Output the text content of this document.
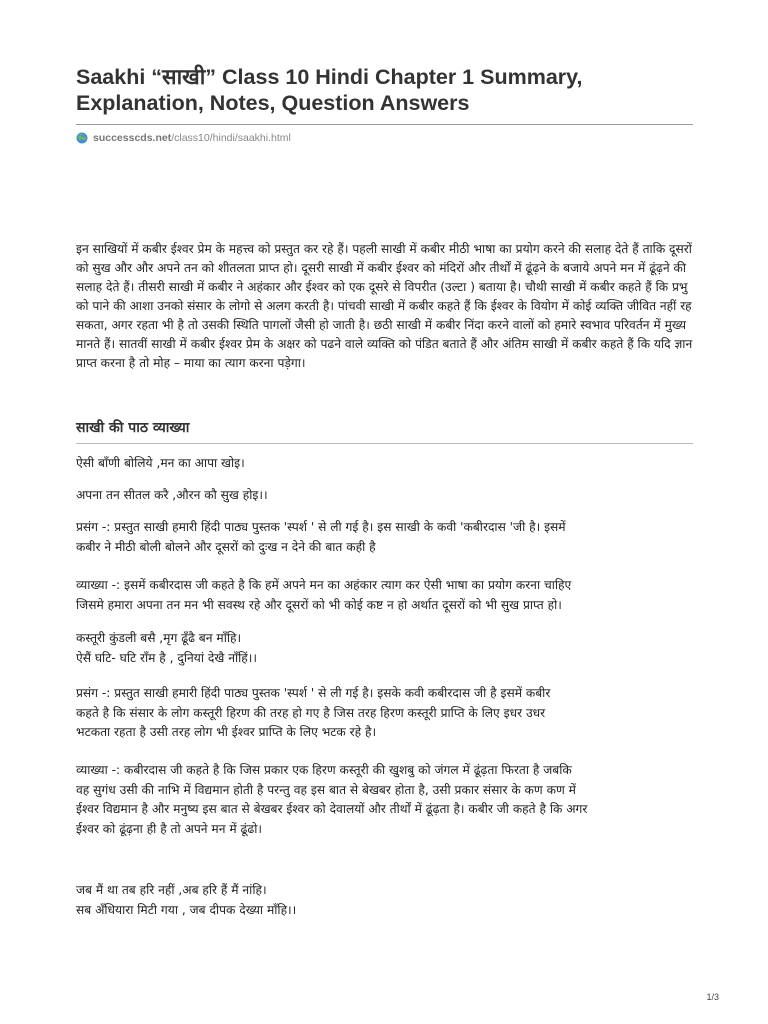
Saakhi “साखी” Class 10 Hindi Chapter 1 Summary, Explanation, Notes, Question Answers
successcds.net /class10/hindi/saakhi.html

इन साखियों में कबीर ईश्वर प्रेम के महत्त्व को प्रस्तुत कर रहे हैं। पहली साखी में कबीर मीठी भाषा का प्रयोग करने की सलाह देते हैं ताकि दूसरों को सुख और और अपने तन को शीतलता प्राप्त हो। दूसरी साखी में कबीर ईश्वर को मंदिरों और तीर्थों में ढूंढ़ने के बजाये अपने मन में ढूंढ़ने की सलाह देते हैं। तीसरी साखी में कबीर ने अहंकार और ईश्वर को एक दूसरे से विपरीत (उल्टा ) बताया है। चौथी साखी में कबीर कहते हैं कि प्रभु को पाने की आशा उनको संसार के लोगो से अलग करती है। पांचवी साखी में कबीर कहते हैं कि ईश्वर के वियोग में कोई व्यक्ति जीवित नहीं रह सकता, अगर रहता भी है तो उसकी स्थिति पागलों जैसी हो जाती है। छठी साखी में कबीर निंदा करने वालों को हमारे स्वभाव परिवर्तन में मुख्य मानते हैं। सातवीं साखी में कबीर ईश्वर प्रेम के अक्षर को पढने वाले व्यक्ति को पंडित बताते हैं और अंतिम साखी में कबीर कहते हैं कि यदि ज्ञान प्राप्त करना है तो मोह – माया का त्याग करना पड़ेगा।

साखी की पाठ व्याख्या

ऐसी बाँणी बोलिये ,मन का आपा खोइ।

अपना तन सीतल करै ,औरन कौ सुख होइ।।

प्रसंग -: प्रस्तुत साखी हमारी हिंदी पाठ्य पुस्तक 'स्पर्श ' से ली गई है। इस साखी के कवी 'कबीरदास 'जी है। इसमें
कबीर ने मीठी बोली बोलने और दूसरों को दुःख न देने की बात कही है

व्याख्या -: इसमें कबीरदास जी कहते है कि हमें अपने मन का अहंकार त्याग कर ऐसी भाषा का प्रयोग करना चाहिए
जिसमे हमारा अपना तन मन भी सवस्थ रहे और दूसरों को भी कोई कष्ट न हो अर्थात दूसरों को भी सुख प्राप्त हो।

कस्तूरी कुंडली बसै ,मृग ढूँढै बन माँहि।
ऐसैं घटि- घटि राँम है , दुनियां देखै नाँहिं।।

प्रसंग -: प्रस्तुत साखी हमारी हिंदी पाठ्य पुस्तक 'स्पर्श ' से ली गई है। इसके कवी कबीरदास जी है इसमें कबीर
कहते है कि संसार के लोग कस्तूरी हिरण की तरह हो गए है जिस तरह हिरण कस्तूरी प्राप्ति के लिए इधर उधर
भटकता रहता है उसी तरह लोग भी ईश्वर प्राप्ति के लिए भटक रहे है।

व्याख्या -: कबीरदास जी कहते है कि जिस प्रकार एक हिरण कस्तूरी की खुशबु को जंगल में ढूंढ़ता फिरता है जबकि
वह सुगंध उसी की नाभि में विद्यमान होती है परन्तु वह इस बात से बेखबर होता है, उसी प्रकार संसार के कण कण में
ईश्वर विद्यमान है और मनुष्य इस बात से बेखबर ईश्वर को देवालयों और तीर्थों में ढूंढ़ता है। कबीर जी कहते है कि अगर
ईश्वर को ढूंढ़ना ही है तो अपने मन में ढूंढो।

जब मैं था तब हरि नहीं ,अब हरि हैं मैं नांहि।
सब अँधियारा मिटी गया , जब दीपक देख्या माँहि।।

1/3
